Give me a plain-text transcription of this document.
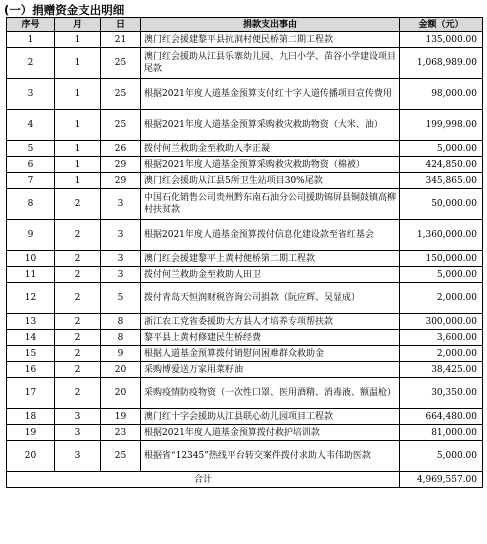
(一）捐赠资金支出明细
序号	月	日	捐款支出事由	金额（元）
1	1	21	澳门红会援建黎平县抗洞村便民桥第二期工程款	135,000.00
2	1	25	澳门红会援助从江县乐寨幼儿园、九曰小学、苗谷小学建设项目尾款	1,068,989.00
3	1	25	根据2021年度人道基金预算支付红十字人道传播项目宣传费用	98,000.00
4	1	25	根据2021年度人道基金预算采购救灾救助物资（大米、油）	199,998.00
5	1	26	拨付何兰救助金至救助人李正凝	5,000.00
6	1	29	根据2021年度人道基金预算采购救灾救助物资（棉被）	424,850.00
7	1	29	澳门红会援助从江县5所卫生站项目30%尾款	345,865.00
8	2	3	中国石化销售公司贵州黔东南石油分公司援助锦屏县铜鼓镇高柳村扶贫款	50,000.00
9	2	3	根据2021年度人道基金预算拨付信息化建设款至省红基会	1,360,000.00
10	2	3	澳门红会援建黎平上黄村便桥第二期工程款	150,000.00
11	2	3	拨付何兰救助金至救助人田卫	5,000.00
12	2	5	拨付青岛天恒润财税咨询公司捐款（阮应辉、吴显成）	2,000.00
13	2	8	浙江农工党省委援助大方县人才培养专项帮扶款	300,000.00
14	2	8	黎平县上黄村修建民生桥经费	3,600.00
15	2	9	根据人道基金预算拨付销慰问困难群众救助金	2,000.00
16	2	20	采购博爱送万家用菜籽油	38,425.00
17	2	20	采购疫情防疫物资（一次性口罩、医用酒精、消毒液、额温枪）	30,350.00
18	3	19	澳门红十字会援助从江县联心幼儿园项目工程款	664,480.00
19	3	23	根据2021年度人道基金预算拨付救护培训款	81,000.00
20	3	25	根据省“12345”热线平台转交案件拨付求助人韦伟助医款	5,000.00
合计				4,969,557.00
